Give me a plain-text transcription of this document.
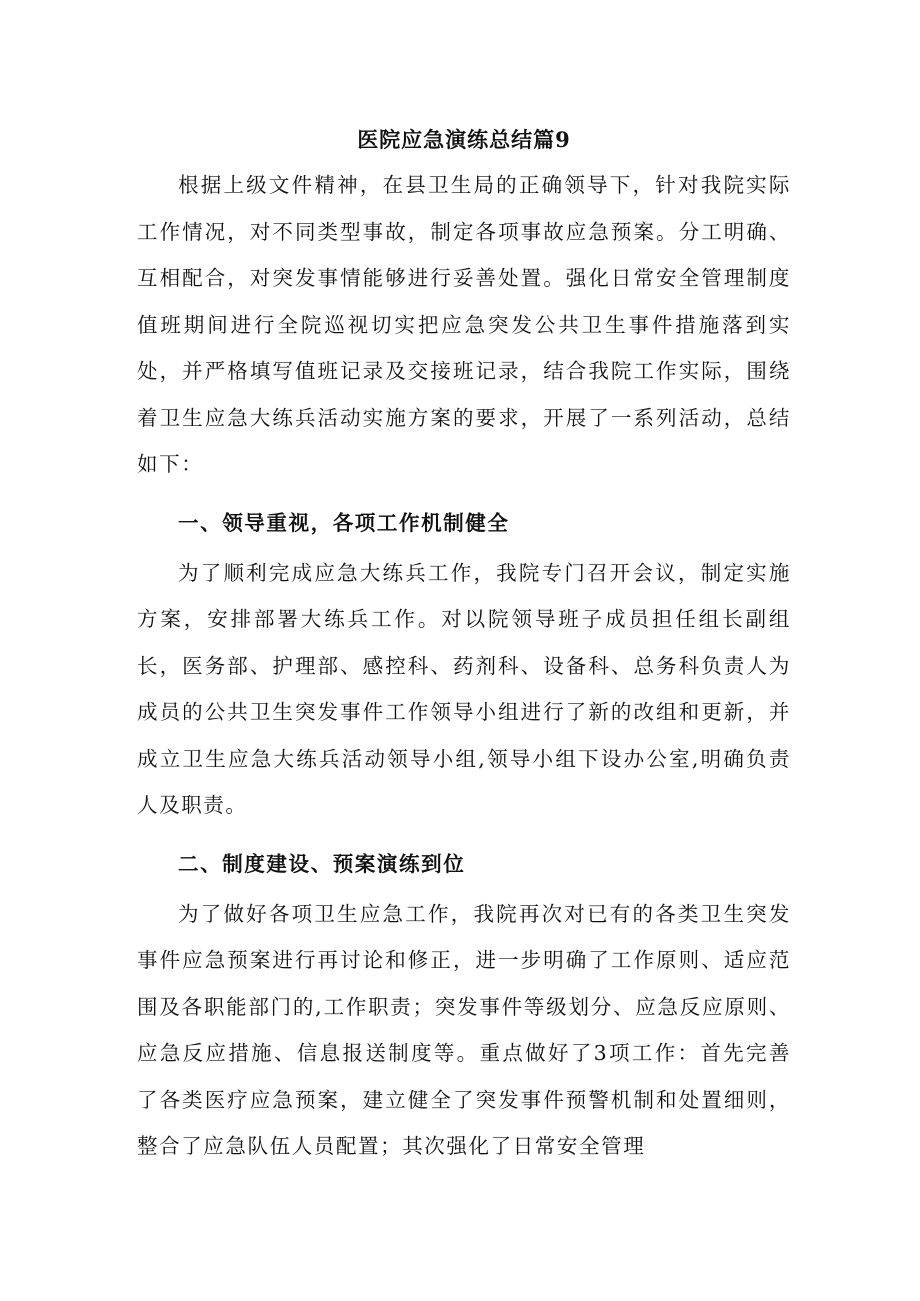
医院应急演练总结篇9

根据上级文件精神，在县卫生局的正确领导下，针对我院实际工作情况，对不同类型事故，制定各项事故应急预案。分工明确、互相配合，对突发事情能够进行妥善处置。强化日常安全管理制度值班期间进行全院巡视切实把应急突发公共卫生事件措施落到实处，并严格填写值班记录及交接班记录，结合我院工作实际，围绕着卫生应急大练兵活动实施方案的要求，开展了一系列活动，总结如下：

一、领导重视，各项工作机制健全

为了顺利完成应急大练兵工作，我院专门召开会议，制定实施方案，安排部署大练兵工作。对以院领导班子成员担任组长副组长，医务部、护理部、感控科、药剂科、设备科、总务科负责人为成员的公共卫生突发事件工作领导小组进行了新的改组和更新，并成立卫生应急大练兵活动领导小组,领导小组下设办公室,明确负责人及职责。

二、制度建设、预案演练到位

为了做好各项卫生应急工作，我院再次对已有的各类卫生突发事件应急预案进行再讨论和修正，进一步明确了工作原则、适应范围及各职能部门的,工作职责；突发事件等级划分、应急反应原则、应急反应措施、信息报送制度等。重点做好了3项工作：首先完善了各类医疗应急预案，建立健全了突发事件预警机制和处置细则，整合了应急队伍人员配置；其次强化了日常安全管理
